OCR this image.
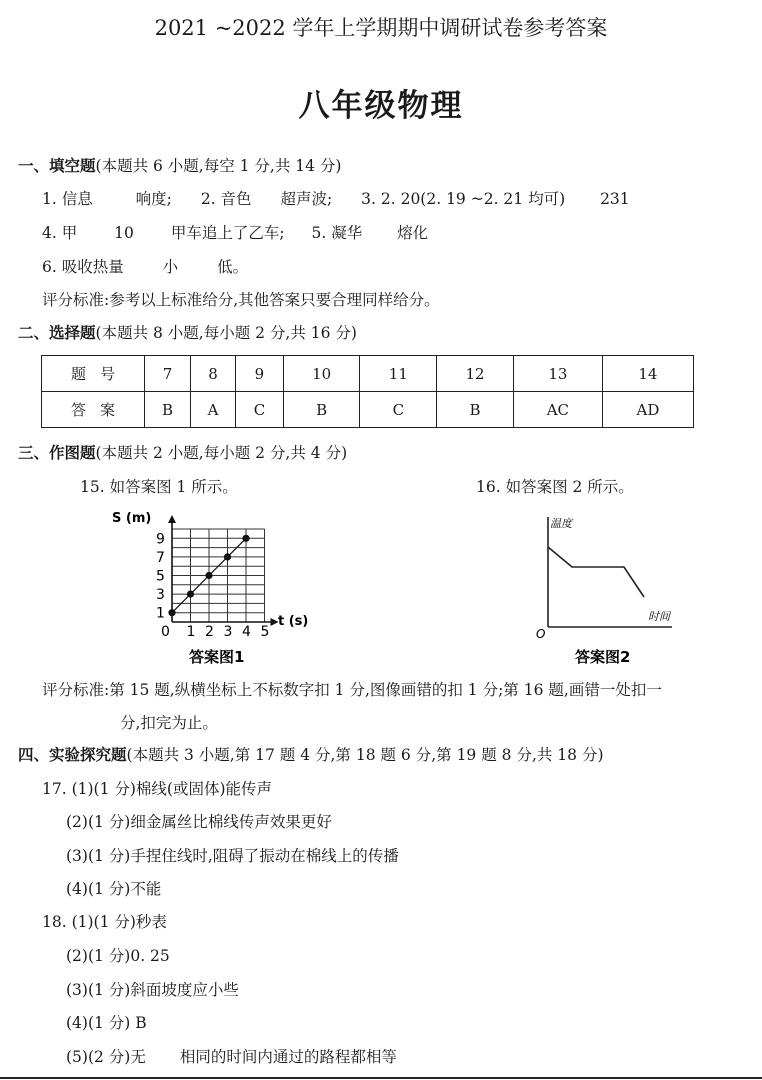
2021 ~2022 学年上学期期中调研试卷参考答案
八年级物理
一、填空题(本题共 6 小题,每空 1 分,共 14 分)
1. 信息	响度; 2. 音色 超声波; 3. 2. 20(2. 19 ~2. 21 均可) 231
4. 甲 10 甲车追上了乙车; 5. 凝华 熔化
6. 吸收热量	小	低。
评分标准:参考以上标准给分,其他答案只要合理同样给分。
二、选择题(本题共 8 小题,每小题 2 分,共 16 分)
题号	7	8	9	10	11	12	13	14
答案	B	A	C	B	C	B	AC	AD
三、作图题(本题共 2 小题,每小题 2 分,共 4 分)
15. 如答案图 1 所示。	16. 如答案图 2 所示。
1
3
5
7
9
1 2 3 4 5
S (m)
t (s)
0
答案图1
温度
时间
O
答案图2
评分标准:第 15 题,纵横坐标上不标数字扣 1 分,图像画错的扣 1 分;第 16 题,画错一处扣一
分,扣完为止。
四、实验探究题(本题共 3 小题,第 17 题 4 分,第 18 题 6 分,第 19 题 8 分,共 18 分)
17. (1)(1 分)棉线(或固体)能传声
(2)(1 分)细金属丝比棉线传声效果更好
(3)(1 分)手捏住线时,阻碍了振动在棉线上的传播
(4)(1 分)不能
18. (1)(1 分)秒表
(2)(1 分)0. 25
(3)(1 分)斜面坡度应小些
(4)(1 分) B
(5)(2 分)无 相同的时间内通过的路程都相等
